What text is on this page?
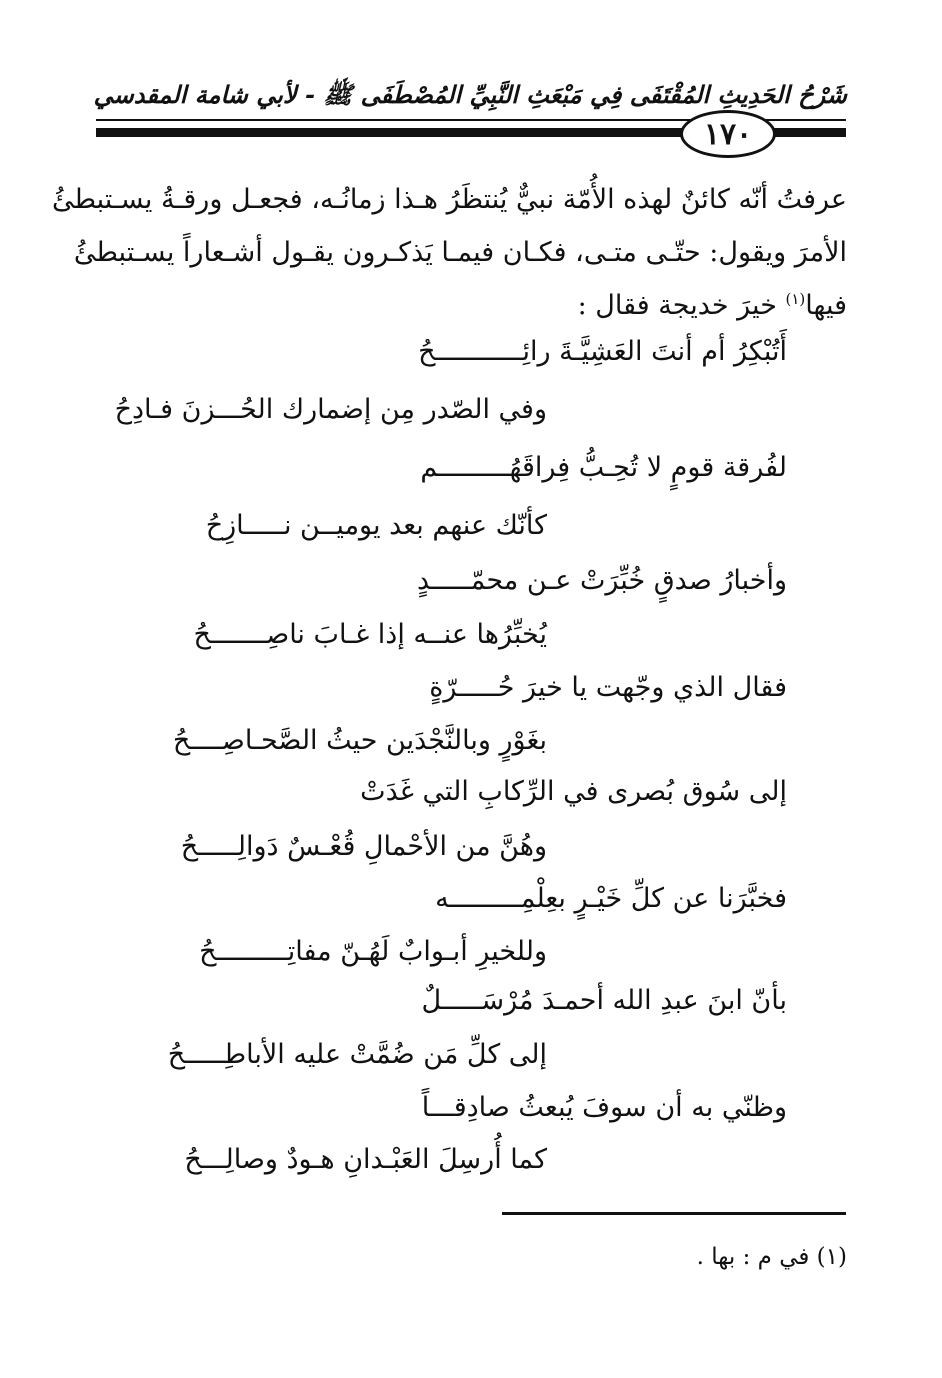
شَرْحُ الحَدِيثِ المُقْتَفَى فِي مَبْعَثِ النَّبِيِّ المُصْطَفَى ﷺ - لأبي شامة المقدسي
١٧٠
عرفتُ أنّه كائنٌ لهذه الأُمّة نبيٌّ يُنتظَرُ هـذا زمانُـه، فجعـل ورقـةُ يسـتبطئُ
الأمرَ ويقول: حتّـى متـى، فكـان فيمـا يَذكـرون يقـول أشـعاراً يسـتبطئُ
فيها$^{(١)}$ خيرَ خديجة فقال :
أَتُبْكِرُ أم أنتَ العَشِيَّـةَ رائِـــــــــــحُ
وفي الصّدر مِن إضمارك الحُـــزنَ فـادِحُ
لفُرقة قومٍ لا تُحِـبُّ فِراقَهُـــــــــم
كأنّك عنهم بعد يوميــن نـــــازِحُ
وأخبارُ صدقٍ خُبِّرَتْ عـن محمّـــــدٍ
يُخبِّرُها عنــه إذا غـابَ ناصِـــــــحُ
فقال الذي وجّهت يا خيرَ حُـــــرّةٍ
بغَوْرٍ وبالنَّجْدَين حيثُ الصَّحـاصِــــحُ
إلى سُوق بُصرى في الرِّكابِ التي غَدَتْ
وهُنَّ من الأحْمالِ قُعْـسٌ دَوالِـــــحُ
فخبَّرَنا عن كلِّ خَيْـرٍ بعِلْمِـــــــــه
وللخيرِ أبـوابٌ لَهُـنّ مفاتِـــــــــحُ
بأنّ ابنَ عبدِ الله أحمـدَ مُرْسَـــــلٌ
إلى كلِّ مَن ضُمَّتْ عليه الأباطِـــــحُ
وظنّي به أن سوفَ يُبعثُ صادِقـــاً
كما أُرسِلَ العَبْـدانِ هـودٌ وصالِـــحُ
(١) في م : بها .
